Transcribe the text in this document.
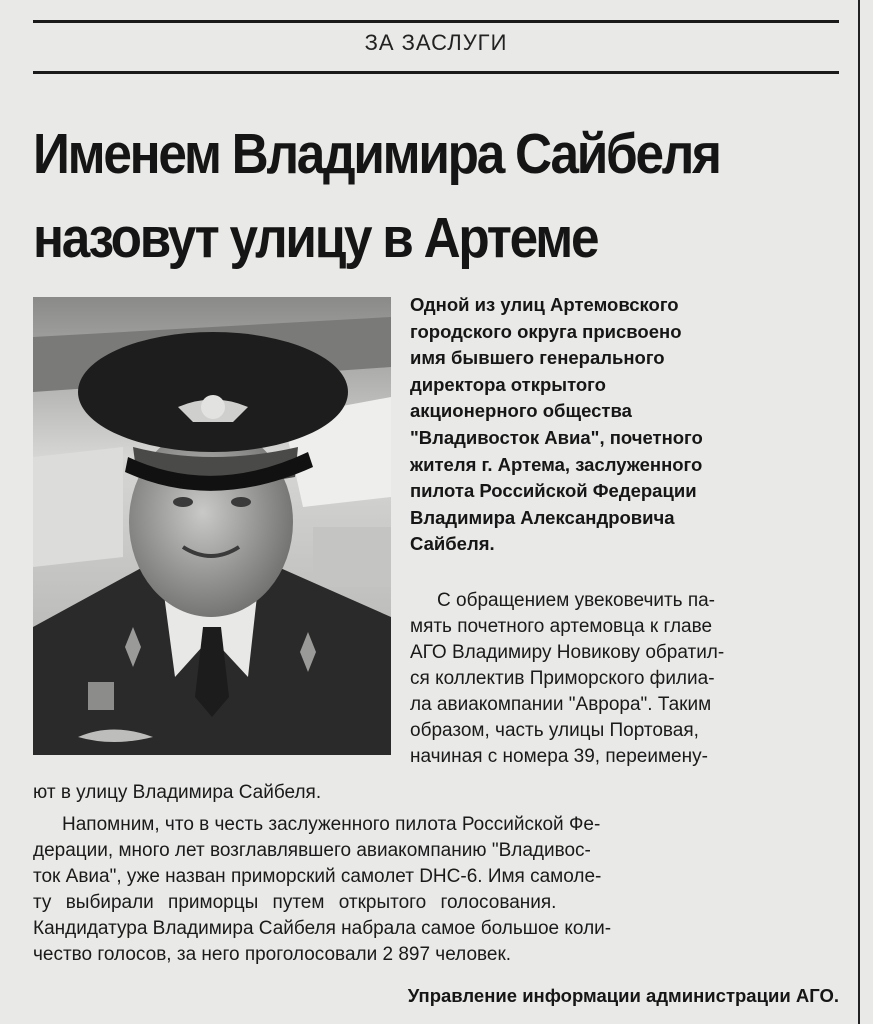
ЗА ЗАСЛУГИ
Именем Владимира Сайбеля
назовут улицу в Артеме
Одной из улиц Артемовского
городского округа присвоено
имя бывшего генерального
директора открытого
акционерного общества
"Владивосток Авиа", почетного
жителя г. Артема, заслуженного
пилота Российской Федерации
Владимира Александровича
Сайбеля.
С обращением увековечить па-
мять почетного артемовца к главе
АГО Владимиру Новикову обратил-
ся коллектив Приморского филиа-
ла авиакомпании "Аврора". Таким
образом, часть улицы Портовая,
начиная с номера 39, переимену-
ют в улицу Владимира Сайбеля.
Напомним, что в честь заслуженного пилота Российской Фе-
дерации, много лет возглавлявшего авиакомпанию "Владивос-
ток Авиа", уже назван приморский самолет DHC-6. Имя самоле-
ту выбирали приморцы путем открытого голосования.
Кандидатура Владимира Сайбеля набрала самое большое коли-
чество голосов, за него проголосовали 2 897 человек.
Управление информации администрации АГО.
